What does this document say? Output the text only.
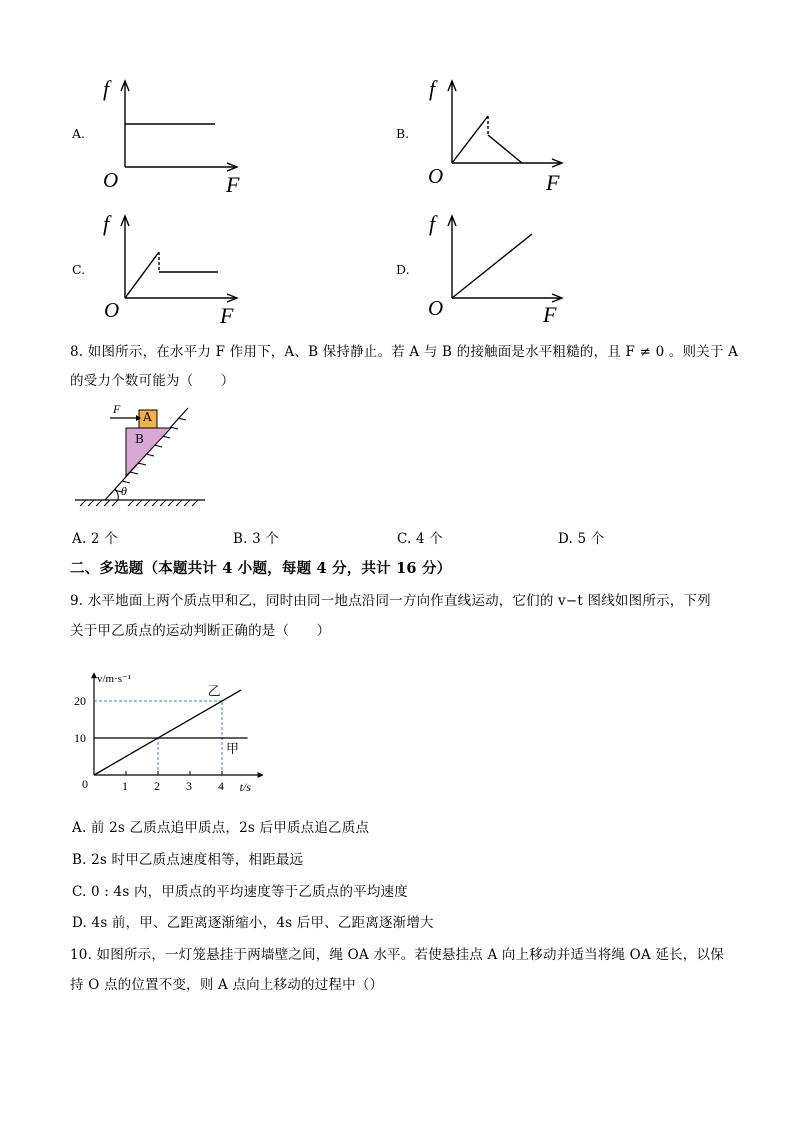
A.
f
O	F
B.
f
O	F
C.
f
O	F
D.
f
O	F
8. 如图所示，在水平力 F 作用下，A、B 保持静止。若 A 与 B 的接触面是水平粗糙的，且 F ≠ 0 。则关于 A
的受力个数可能为（　　）
F
A
B
θ
A. 2 个	B. 3 个	C. 4 个	D. 5 个
二、多选题（本题共计 4 小题，每题 4 分，共计 16 分）
9. 水平地面上两个质点甲和乙，同时由同一地点沿同一方向作直线运动，它们的 v−t 图线如图所示，下列
关于甲乙质点的运动判断正确的是（　　）
甲
乙
1 2 3 4
10
20
0	t/s
v/m·s⁻¹
A. 前 2s 乙质点追甲质点，2s 后甲质点追乙质点
B. 2s 时甲乙质点速度相等，相距最远
C. 0 : 4s 内，甲质点的平均速度等于乙质点的平均速度
D. 4s 前，甲、乙距离逐渐缩小，4s 后甲、乙距离逐渐增大
10. 如图所示，一灯笼悬挂于两墙壁之间，绳 OA 水平。若使悬挂点 A 向上移动并适当将绳 OA 延长，以保
持 O 点的位置不变，则 A 点向上移动的过程中（）
